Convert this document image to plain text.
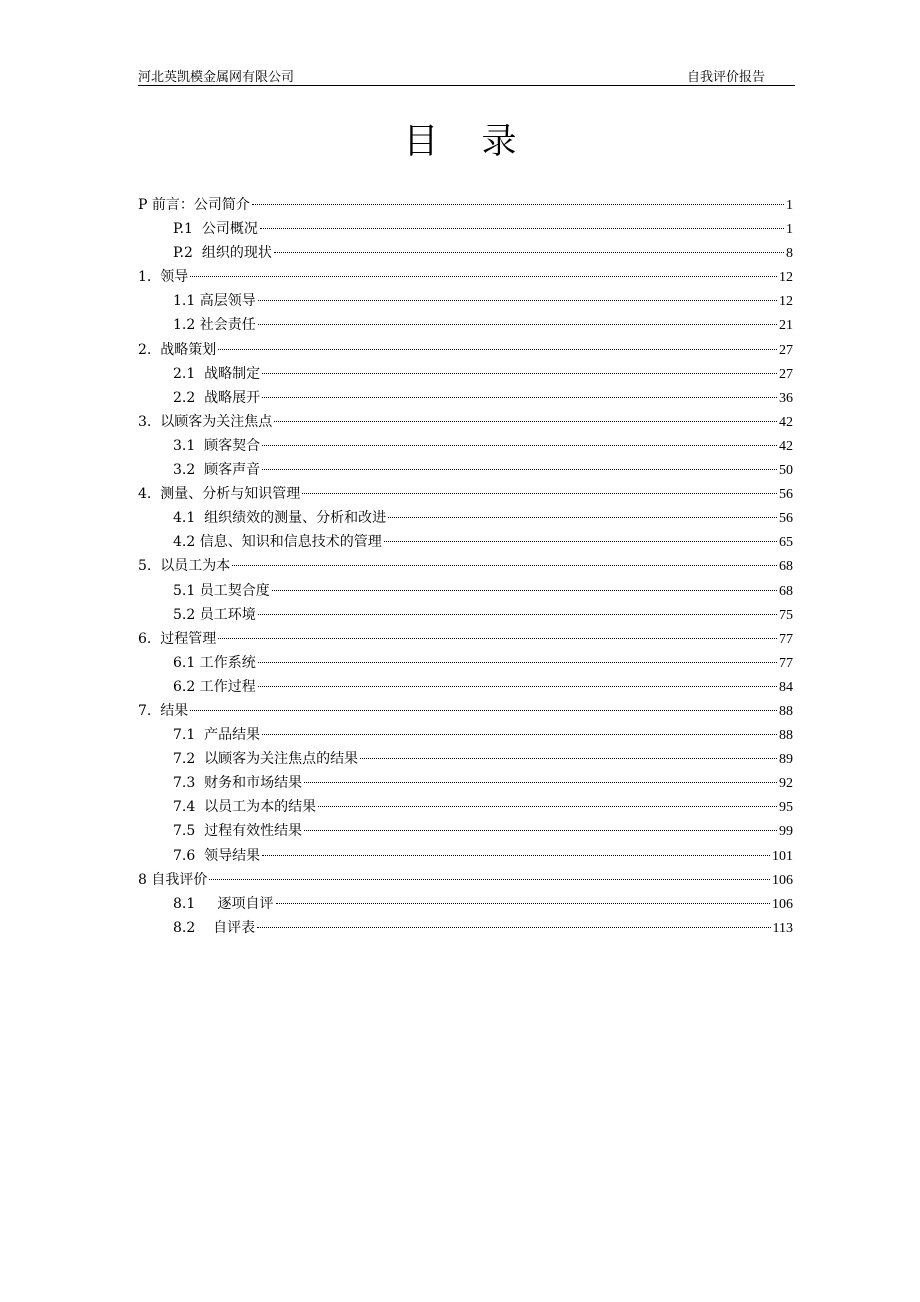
河北英凯模金属网有限公司	自我评价报告
目 录
P 前言：公司简介	1
P.1  公司概况	1
P.2  组织的现状	8
1.  领导	12
1.1 高层领导	12
1.2 社会责任	21
2.  战略策划	27
2.1  战略制定	27
2.2  战略展开	36
3.  以顾客为关注焦点	42
3.1  顾客契合	42
3.2  顾客声音	50
4.  测量、分析与知识管理	56
4.1  组织绩效的测量、分析和改进	56
4.2 信息、知识和信息技术的管理	65
5.  以员工为本	68
5.1 员工契合度	68
5.2 员工环境	75
6.  过程管理	77
6.1 工作系统	77
6.2 工作过程	84
7.  结果	88
7.1  产品结果	88
7.2  以顾客为关注焦点的结果	89
7.3  财务和市场结果	92
7.4  以员工为本的结果	95
7.5  过程有效性结果	99
7.6  领导结果	101
8 自我评价	106
8.1     逐项自评	106
8.2    自评表	113
